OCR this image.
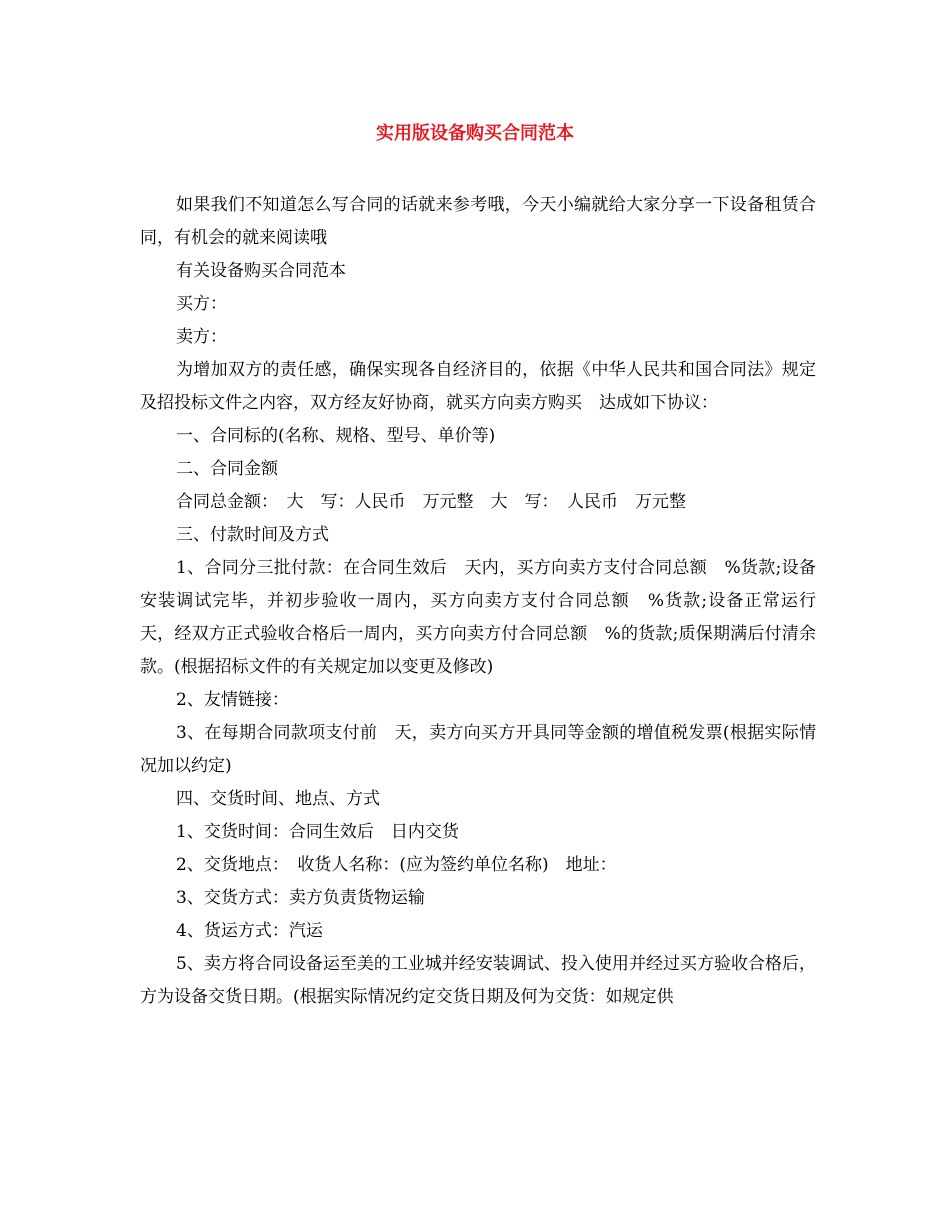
实用版设备购买合同范本

如果我们不知道怎么写合同的话就来参考哦，今天小编就给大家分享一下设备租赁合同，有机会的就来阅读哦

有关设备购买合同范本

买方：

卖方：

为增加双方的责任感，确保实现各自经济目的，依据《中华人民共和国合同法》规定及招投标文件之内容，双方经友好协商，就买方向卖方购买　达成如下协议：

一、合同标的(名称、规格、型号、单价等)

二、合同金额

合同总金额：　大　写：人民币　万元整　大　写：　人民币　万元整

三、付款时间及方式

1、合同分三批付款：在合同生效后　天内，买方向卖方支付合同总额　%货款;设备安装调试完毕，并初步验收一周内，买方向卖方支付合同总额　%货款;设备正常运行　天，经双方正式验收合格后一周内，买方向卖方付合同总额　%的货款;质保期满后付清余款。(根据招标文件的有关规定加以变更及修改)

2、友情链接：

3、在每期合同款项支付前　天，卖方向买方开具同等金额的增值税发票(根据实际情况加以约定)

四、交货时间、地点、方式

1、交货时间：合同生效后　日内交货

2、交货地点：　收货人名称：(应为签约单位名称)　地址：

3、交货方式：卖方负责货物运输

4、货运方式：汽运

5、卖方将合同设备运至美的工业城并经安装调试、投入使用并经过买方验收合格后，方为设备交货日期。(根据实际情况约定交货日期及何为交货：如规定供
